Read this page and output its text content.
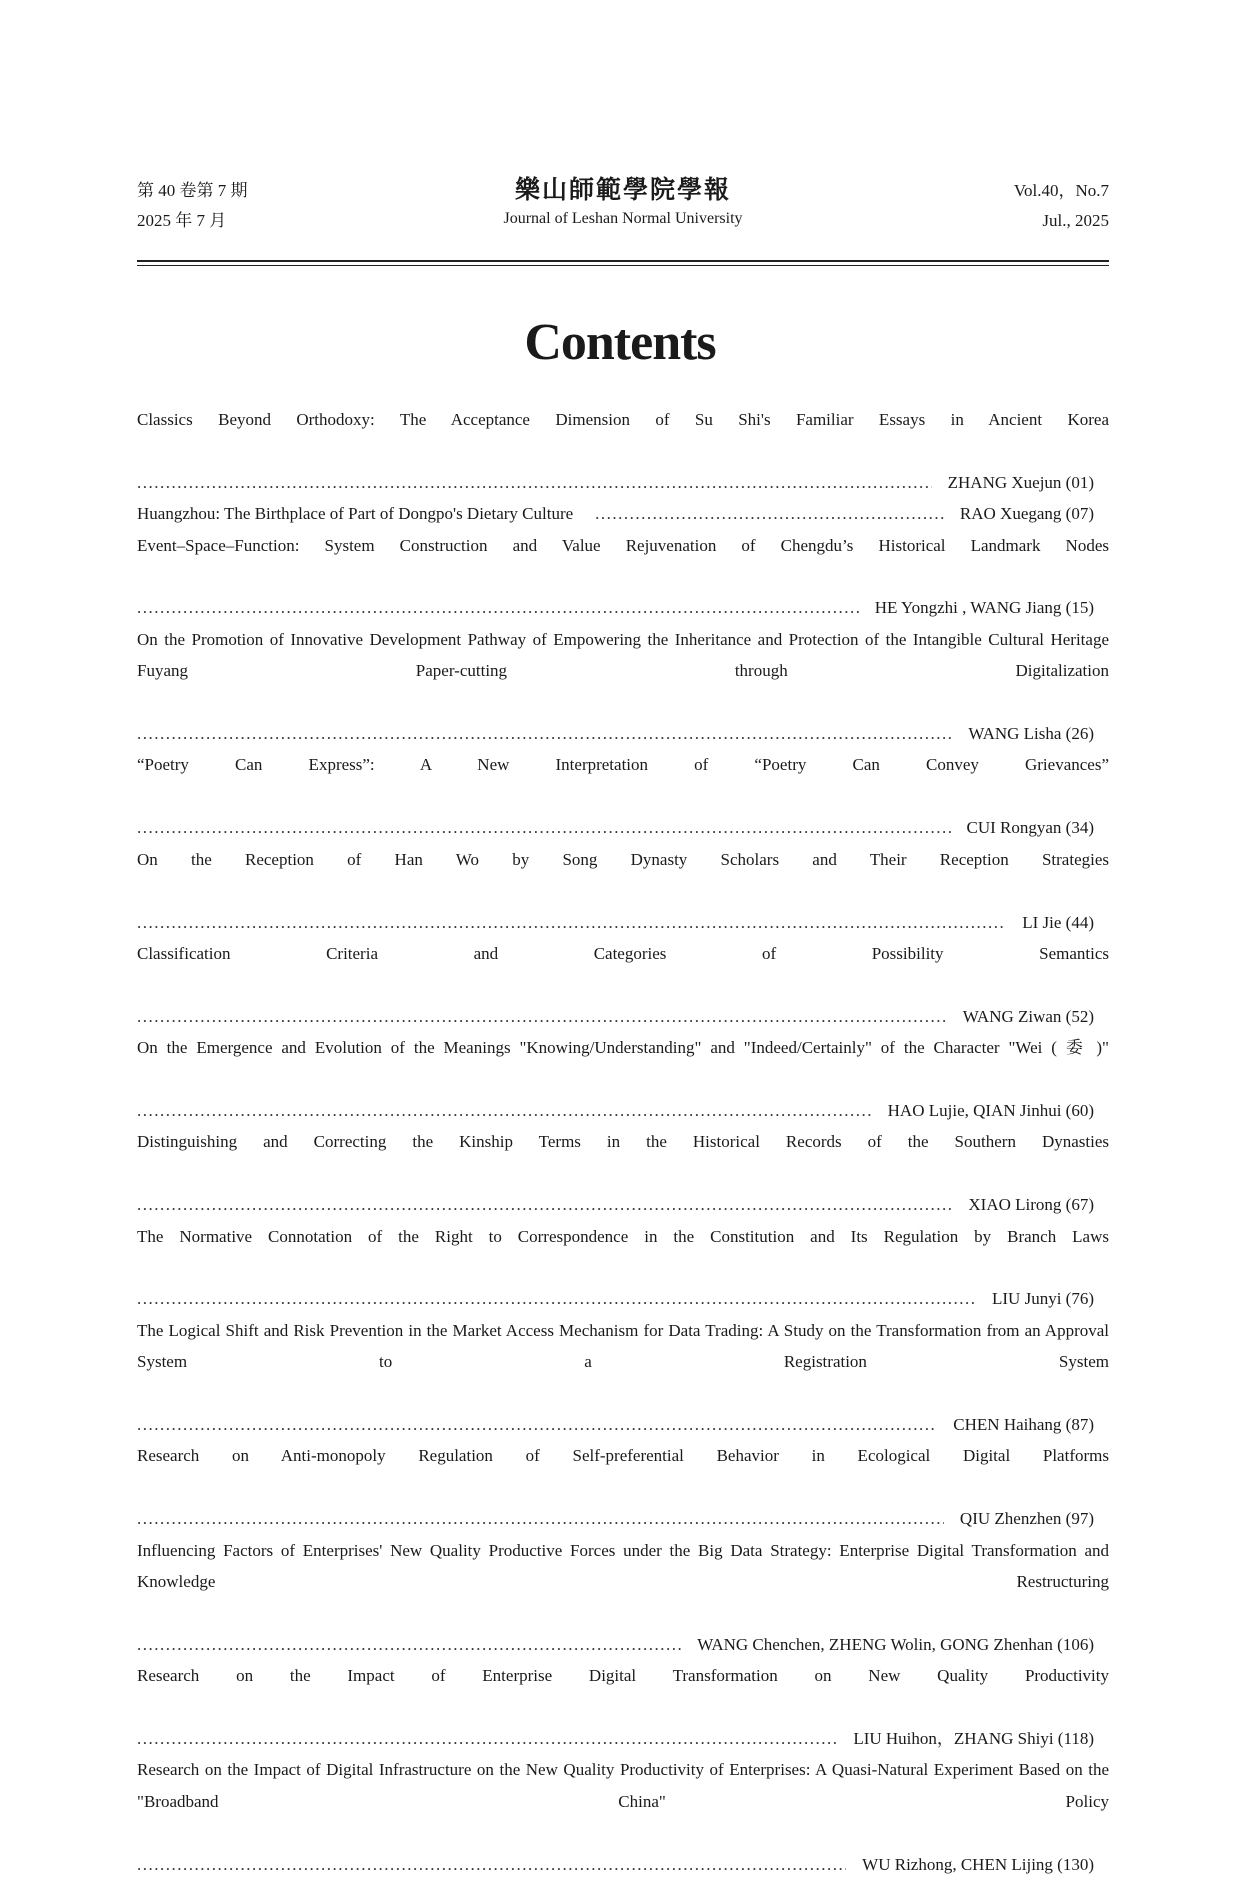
第 40 卷第 7 期
2025 年 7 月
樂山師範學院學報
Journal of Leshan Normal University
Vol.40，No.7
Jul., 2025
Contents
Classics Beyond Orthodoxy: The Acceptance Dimension of Su Shi's Familiar Essays in Ancient Korea
.....
ZHANG Xuejun (01)
Huangzhou: The Birthplace of Part of Dongpo's Dietary Culture
.....	RAO Xuegang (07)
Event–Space–Function: System Construction and Value Rejuvenation of Chengdu’s Historical Landmark Nodes
.....
HE Yongzhi , WANG Jiang (15)
On the Promotion of Innovative Development Pathway of Empowering the Inheritance and Protection of the Intangible Cultural Heritage Fuyang Paper-cutting through Digitalization
.....
WANG Lisha (26)
“Poetry Can Express”: A New Interpretation of “Poetry Can Convey Grievances”
.....
CUI Rongyan (34)
On the Reception of Han Wo by Song Dynasty Scholars and Their Reception Strategies
.....
LI Jie (44)
Classification Criteria and Categories of Possibility Semantics
.....
WANG Ziwan (52)
On the Emergence and Evolution of the Meanings "Knowing/Understanding" and "Indeed/Certainly" of the Character "Wei ( 委 )"
.....
HAO Lujie, QIAN Jinhui (60)
Distinguishing and Correcting the Kinship Terms in the Historical Records of the Southern Dynasties
.....
XIAO Lirong (67)
The Normative Connotation of the Right to Correspondence in the Constitution and Its Regulation by Branch Laws
.....
LIU Junyi (76)
The Logical Shift and Risk Prevention in the Market Access Mechanism for Data Trading: A Study on the Transformation from an Approval System to a Registration System
.....
CHEN Haihang (87)
Research on Anti-monopoly Regulation of Self-preferential Behavior in Ecological Digital Platforms
.....
QIU Zhenzhen (97)
Influencing Factors of Enterprises' New Quality Productive Forces under the Big Data Strategy: Enterprise Digital Transformation and Knowledge Restructuring
.....
WANG Chenchen, ZHENG Wolin, GONG Zhenhan (106)
Research on the Impact of Enterprise Digital Transformation on New Quality Productivity
.....
LIU Huihon，ZHANG Shiyi (118)
Research on the Impact of Digital Infrastructure on the New Quality Productivity of Enterprises: A Quasi-Natural Experiment Based on the "Broadband China" Policy
.....
WU Rizhong, CHEN Lijing (130)
